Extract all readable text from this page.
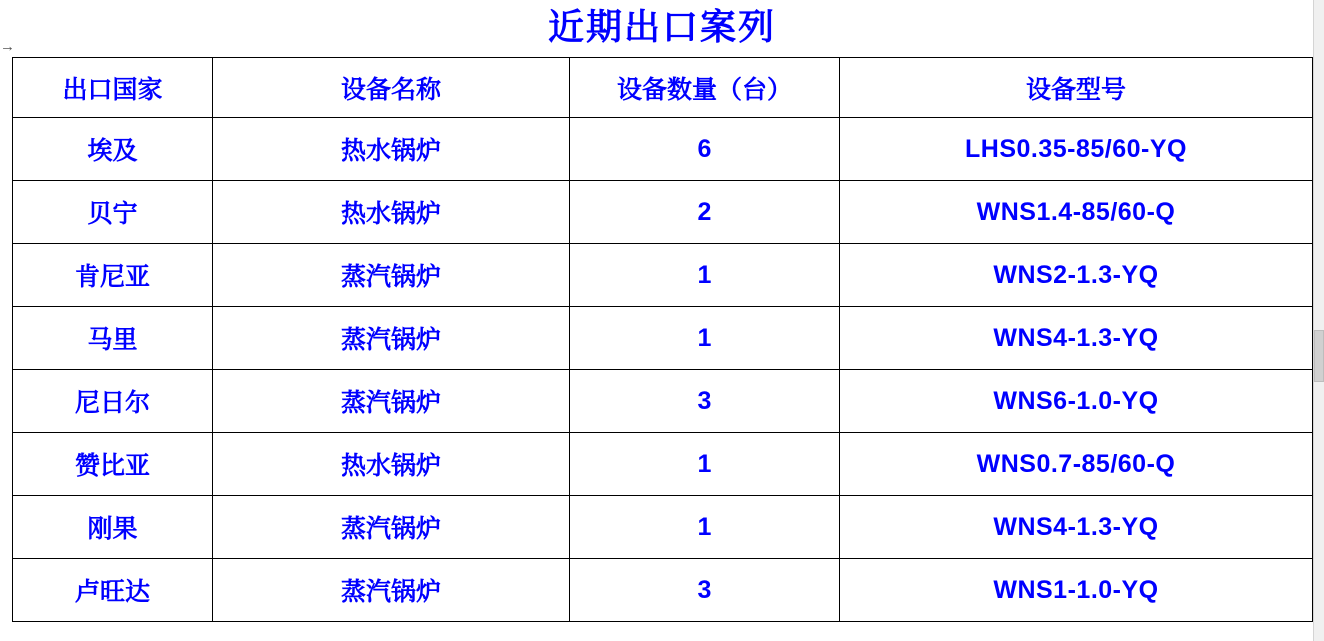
→	近期出口案列
出口国家	设备名称	设备数量（台）	设备型号
埃及	热水锅炉	6	LHS0.35-85/60-YQ
贝宁	热水锅炉	2	WNS1.4-85/60-Q
肯尼亚	蒸汽锅炉	1	WNS2-1.3-YQ
马里	蒸汽锅炉	1	WNS4-1.3-YQ
尼日尔	蒸汽锅炉	3	WNS6-1.0-YQ
赞比亚	热水锅炉	1	WNS0.7-85/60-Q
刚果	蒸汽锅炉	1	WNS4-1.3-YQ
卢旺达	蒸汽锅炉	3	WNS1-1.0-YQ
